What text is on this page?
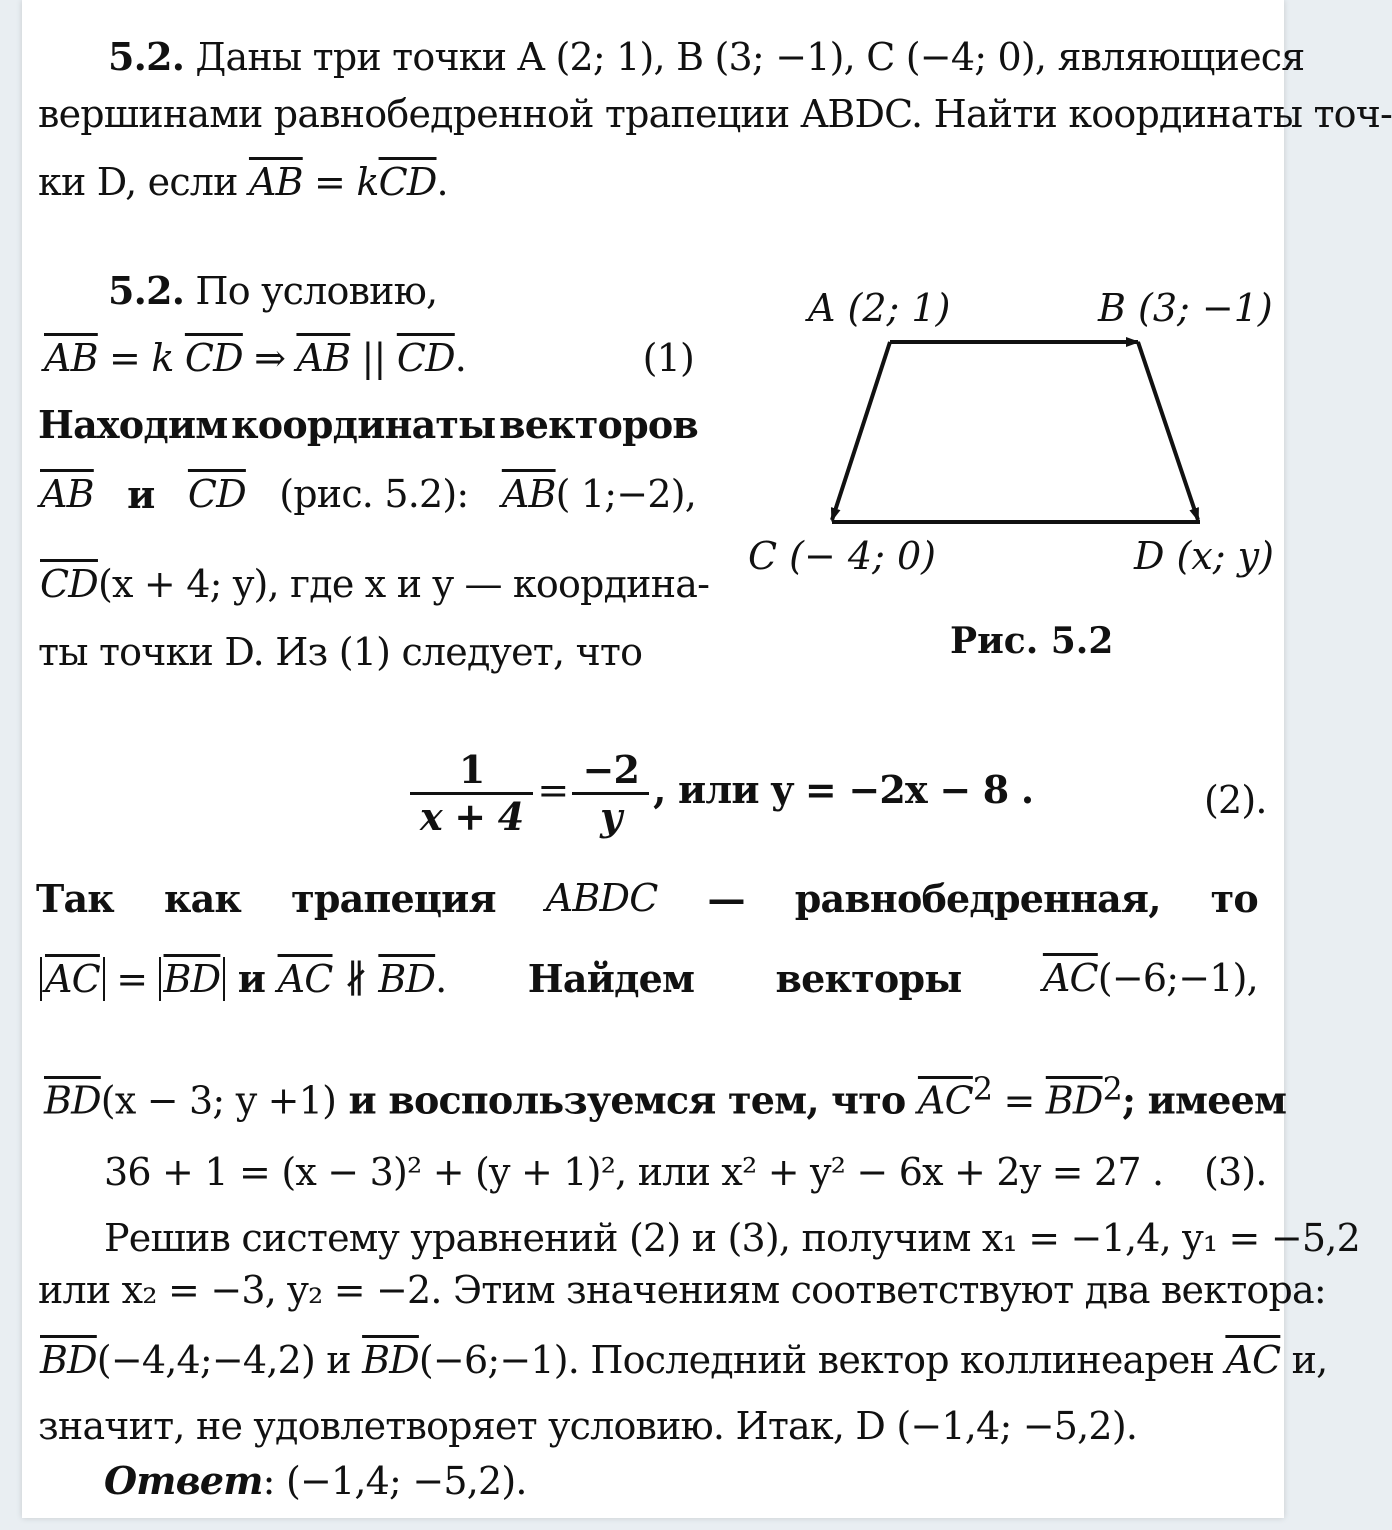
5.2. Даны три точки A (2; 1), B (3; −1), C (−4; 0), являющиеся
вершинами равнобедренной трапеции ABDC. Найти координаты точ-
ки D, если $\overline{AB} = k\overline{CD}$.
5.2. По условию,
$\overline{AB} = k$ $\overline{CD}$ ⇒ $\overline{AB}$ || $\overline{CD}$.	(1)
Находим координаты векторов
$\overline{AB}$ и $\overline{CD}$ (рис. 5.2): $\overline{AB}$( 1;−2),
$\overline{CD}(x + 4$; y), где x и y — координа-
ты точки D. Из (1) следует, что
A (2; 1)	B (3; −1)
C (− 4; 0)	D (x; y)
Рис. 5.2
$\frac{1}{x + 4} = \frac{-2}{y}$ , или y = −2x − 8 .	(2).
Так как трапеция ABDC — равнобедренная, то
$\overline{AC} = \overline{BD}$ и $\overline{AC}$ ∦ $\overline{BD}$. Найдем векторы $\overline{AC}(-6;-1)$,
$\overline{BD}(x - 3$; y +1) и воспользуемся тем, что $\overline{AC}^2 = \overline{BD}^2$; имеем
36 + 1 = (x − 3)² + (y + 1)², или x² + y² − 6x + 2y = 27 . (3).
Решив систему уравнений (2) и (3), получим x₁ = −1,4, y₁ = −5,2
или x₂ = −3, y₂ = −2. Этим значениям соответствуют два вектора:
$\overline{BD}(-4,4;-4,2)$ и $\overline{BD}(-6;-1)$. Последний вектор коллинеарен $\overline{AC}$ и,
значит, не удовлетворяет условию. Итак, D (−1,4; −5,2).
Ответ: (−1,4; −5,2).
